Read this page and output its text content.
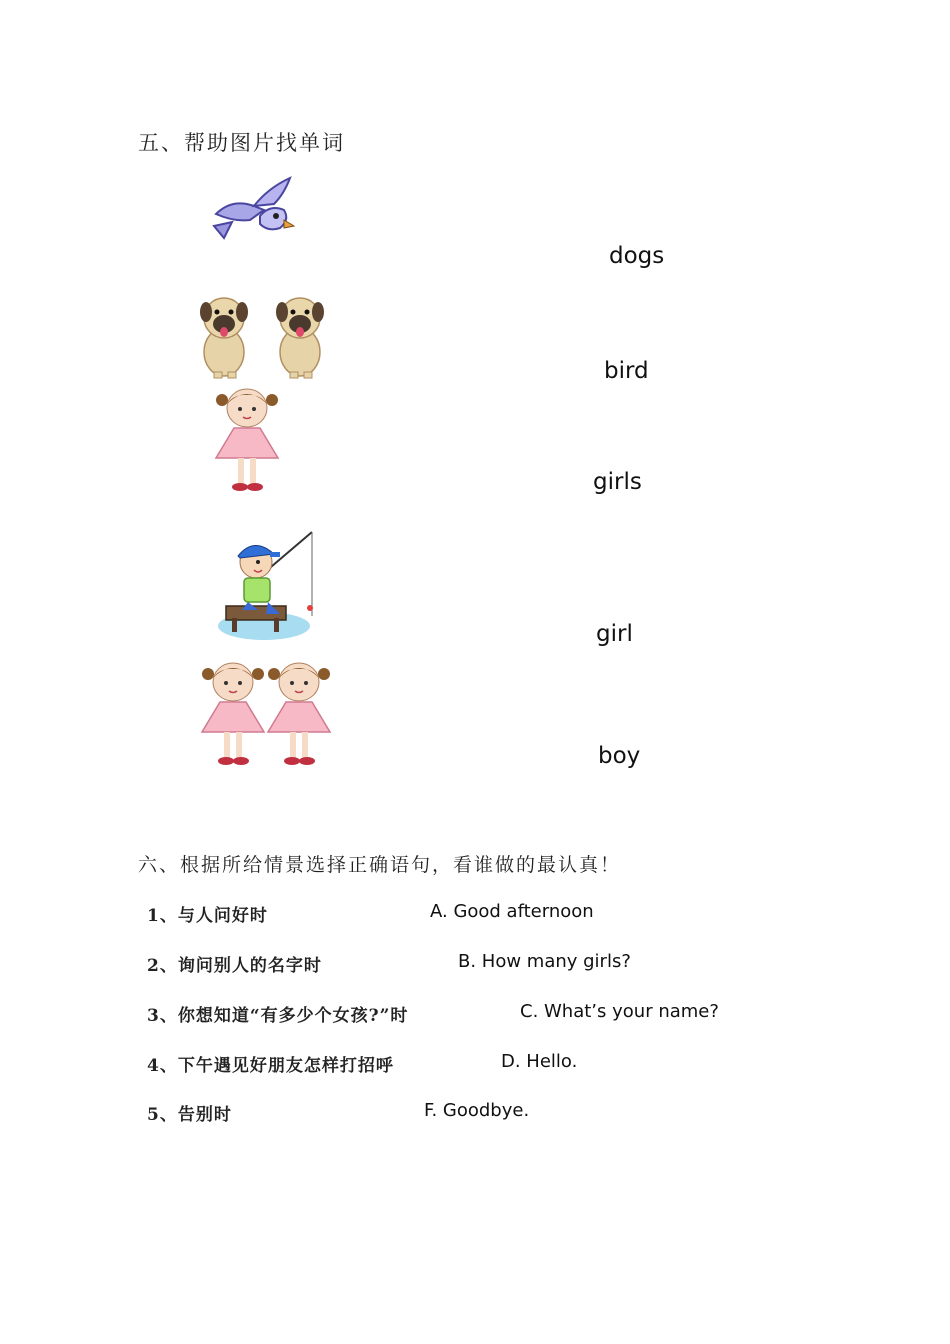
五、帮助图片找单词
dogs
bird
girls
girl
boy
六、根据所给情景选择正确语句，看谁做的最认真！
1、与人问好时	A. Good afternoon
2、询问别人的名字时	B. How many girls?
3、你想知道“有多少个女孩?”时	C. What’s your name?
4、下午遇见好朋友怎样打招呼	D. Hello.
5、告别时	F. Goodbye.
